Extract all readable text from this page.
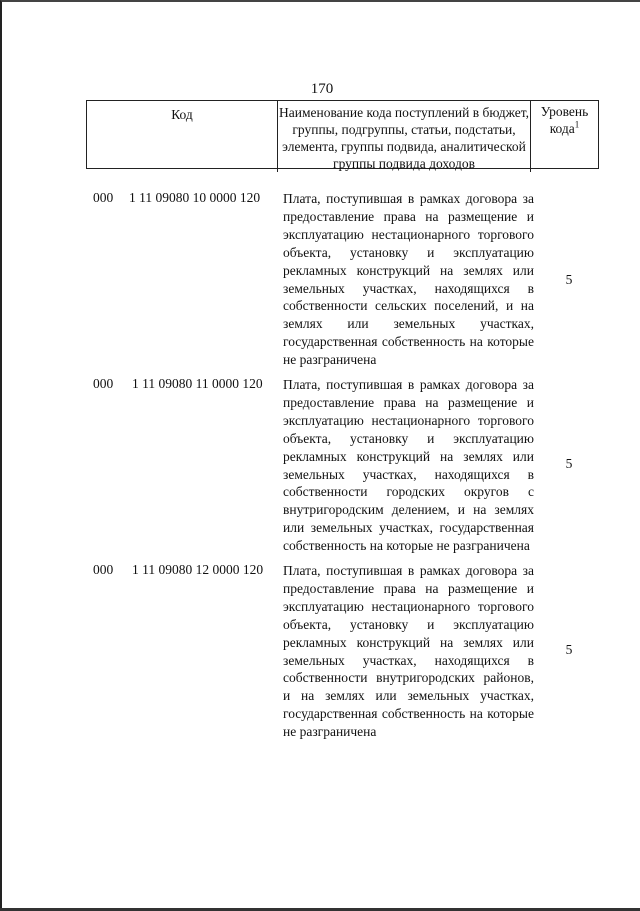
170
Код	Наименование кода поступлений в бюджет, группы, подгруппы, статьи, подстатьи, элемента, группы подвида, аналитической группы подвида доходов
Уровень кода$^1$
000 1 11 09080 10 0000 120 Плата, поступившая в рамках договора за предоставление права на размещение и эксплуатацию нестационарного торгового объекта, установку и эксплуатацию рекламных конструкций на землях или земельных участках, находящихся в собственности сельских поселений, и на землях или земельных участках, государственная собственность на которые не разграничена
5
000 1 11 09080 11 0000 120 Плата, поступившая в рамках договора за предоставление права на размещение и эксплуатацию нестационарного торгового объекта, установку и эксплуатацию рекламных конструкций на землях или земельных участках, находящихся в собственности городских округов с внутригородским делением, и на землях или земельных участках, государственная собственность на которые не разграничена
5
000 1 11 09080 12 0000 120 Плата, поступившая в рамках договора за предоставление права на размещение и эксплуатацию нестационарного торгового объекта, установку и эксплуатацию рекламных конструкций на землях или земельных участках, находящихся в собственности внутригородских районов, и на землях или земельных участках, государственная собственность на которые не разграничена
5
